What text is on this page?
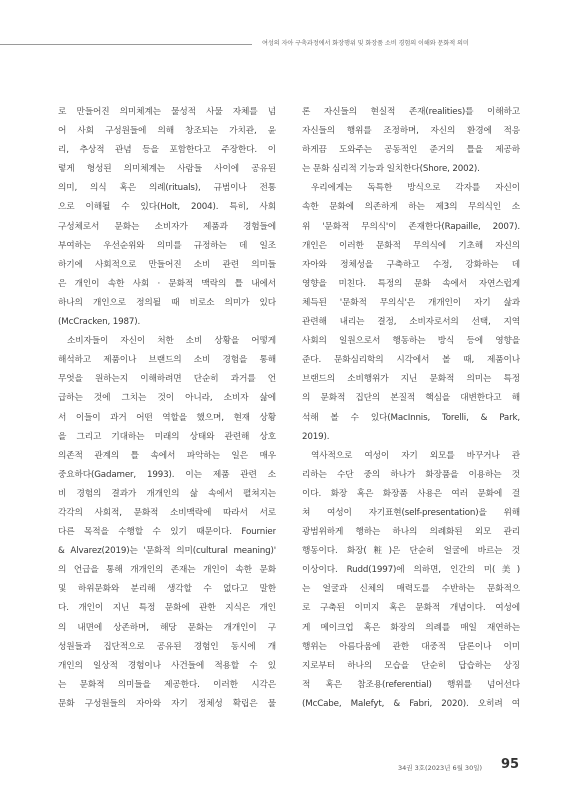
여성의 자아 구축과정에서 화장행위 및 화장품 소비 경험의 이해와 문화적 의미
로 만들어진 의미체계는 물성적 사물 자체를 넘
어 사회 구성원들에 의해 창조되는 가치관, 윤
리, 추상적 관념 등을 포함한다고 주장한다. 이
렇게 형성된 의미체계는 사람들 사이에 공유된
의미, 의식 혹은 의례(rituals), 규범이나 전통
으로 이해될 수 있다(Holt, 2004). 특히, 사회
구성체로서 문화는 소비자가 제품과 경험들에
부여하는 우선순위와 의미를 규정하는 데 일조
하기에 사회적으로 만들어진 소비 관련 의미들
은 개인이 속한 사회 · 문화적 맥락의 틀 내에서
하나의 개인으로 정의될 때 비로소 의미가 있다
(McCracken, 1987).
소비자들이 자신이 처한 소비 상황을 어떻게
해석하고 제품이나 브랜드의 소비 경험을 통해
무엇을 원하는지 이해하려면 단순히 과거를 언
급하는 것에 그치는 것이 아니라, 소비자 삶에
서 이들이 과거 어떤 역할을 했으며, 현재 상황
을 그리고 기대하는 미래의 상태와 관련해 상호
의존적 관계의 틀 속에서 파악하는 일은 매우
중요하다(Gadamer, 1993). 이는 제품 관련 소
비 경험의 결과가 개개인의 삶 속에서 펼쳐지는
각각의 사회적, 문화적 소비맥락에 따라서 서로
다른 목적을 수행할 수 있기 때문이다. Fournier
& Alvarez(2019)는 '문화적 의미(cultural meaning)'
의 언급을 통해 개개인의 존재는 개인이 속한 문화
및 하위문화와 분리해 생각할 수 없다고 말한
다. 개인이 지닌 특정 문화에 관한 지식은 개인
의 내면에 상존하며, 해당 문화는 개개인이 구
성원들과 집단적으로 공유된 경험인 동시에 개
개인의 일상적 경험이나 사건들에 적용할 수 있
는 문화적 의미들을 제공한다. 이러한 시각은
문화 구성원들의 자아와 자기 정체성 확립은 물
론 자신들의 현실적 존재(realities)를 이해하고
자신들의 행위를 조정하며, 자신의 환경에 적응
하게끔 도와주는 공동적인 준거의 틀을 제공하
는 문화 심리적 기능과 일치한다(Shore, 2002).
우리에게는 독특한 방식으로 각자를 자신이
속한 문화에 의존하게 하는 제3의 무의식인 소
위 '문화적 무의식'이 존재한다(Rapaille, 2007).
개인은 이러한 문화적 무의식에 기초해 자신의
자아와 정체성을 구축하고 수정, 강화하는 데
영향을 미친다. 특정의 문화 속에서 자연스럽게
체득된 '문화적 무의식'은 개개인이 자기 삶과
관련해 내리는 결정, 소비자로서의 선택, 지역
사회의 일원으로서 행동하는 방식 등에 영향을
준다. 문화심리학의 시각에서 볼 때, 제품이나
브랜드의 소비행위가 지닌 문화적 의미는 특정
의 문화적 집단의 본질적 핵심을 대변한다고 해
석해 볼 수 있다(MacInnis, Torelli, & Park,
2019).
역사적으로 여성이 자기 외모를 바꾸거나 관
리하는 수단 중의 하나가 화장품을 이용하는 것
이다. 화장 혹은 화장품 사용은 여러 문화에 걸
쳐 여성이 자기표현(self-presentation)을 위해
광범위하게 행하는 하나의 의례화된 외모 관리
행동이다. 화장(粧)은 단순히 얼굴에 바르는 것
이상이다. Rudd(1997)에 의하면, 인간의 미(美)
는 얼굴과 신체의 매력도를 수반하는 문화적으
로 구축된 이미지 혹은 문화적 개념이다. 여성에
게 메이크업 혹은 화장의 의례를 매일 재연하는
행위는 아름다움에 관한 대중적 담론이나 이미
지로부터 하나의 모습을 단순히 답습하는 상징
적 혹은 참조용(referential) 행위를 넘어선다
(McCabe, Malefyt, & Fabri, 2020). 오히려 여
34권 3호(2023년 6월 30일) 95
